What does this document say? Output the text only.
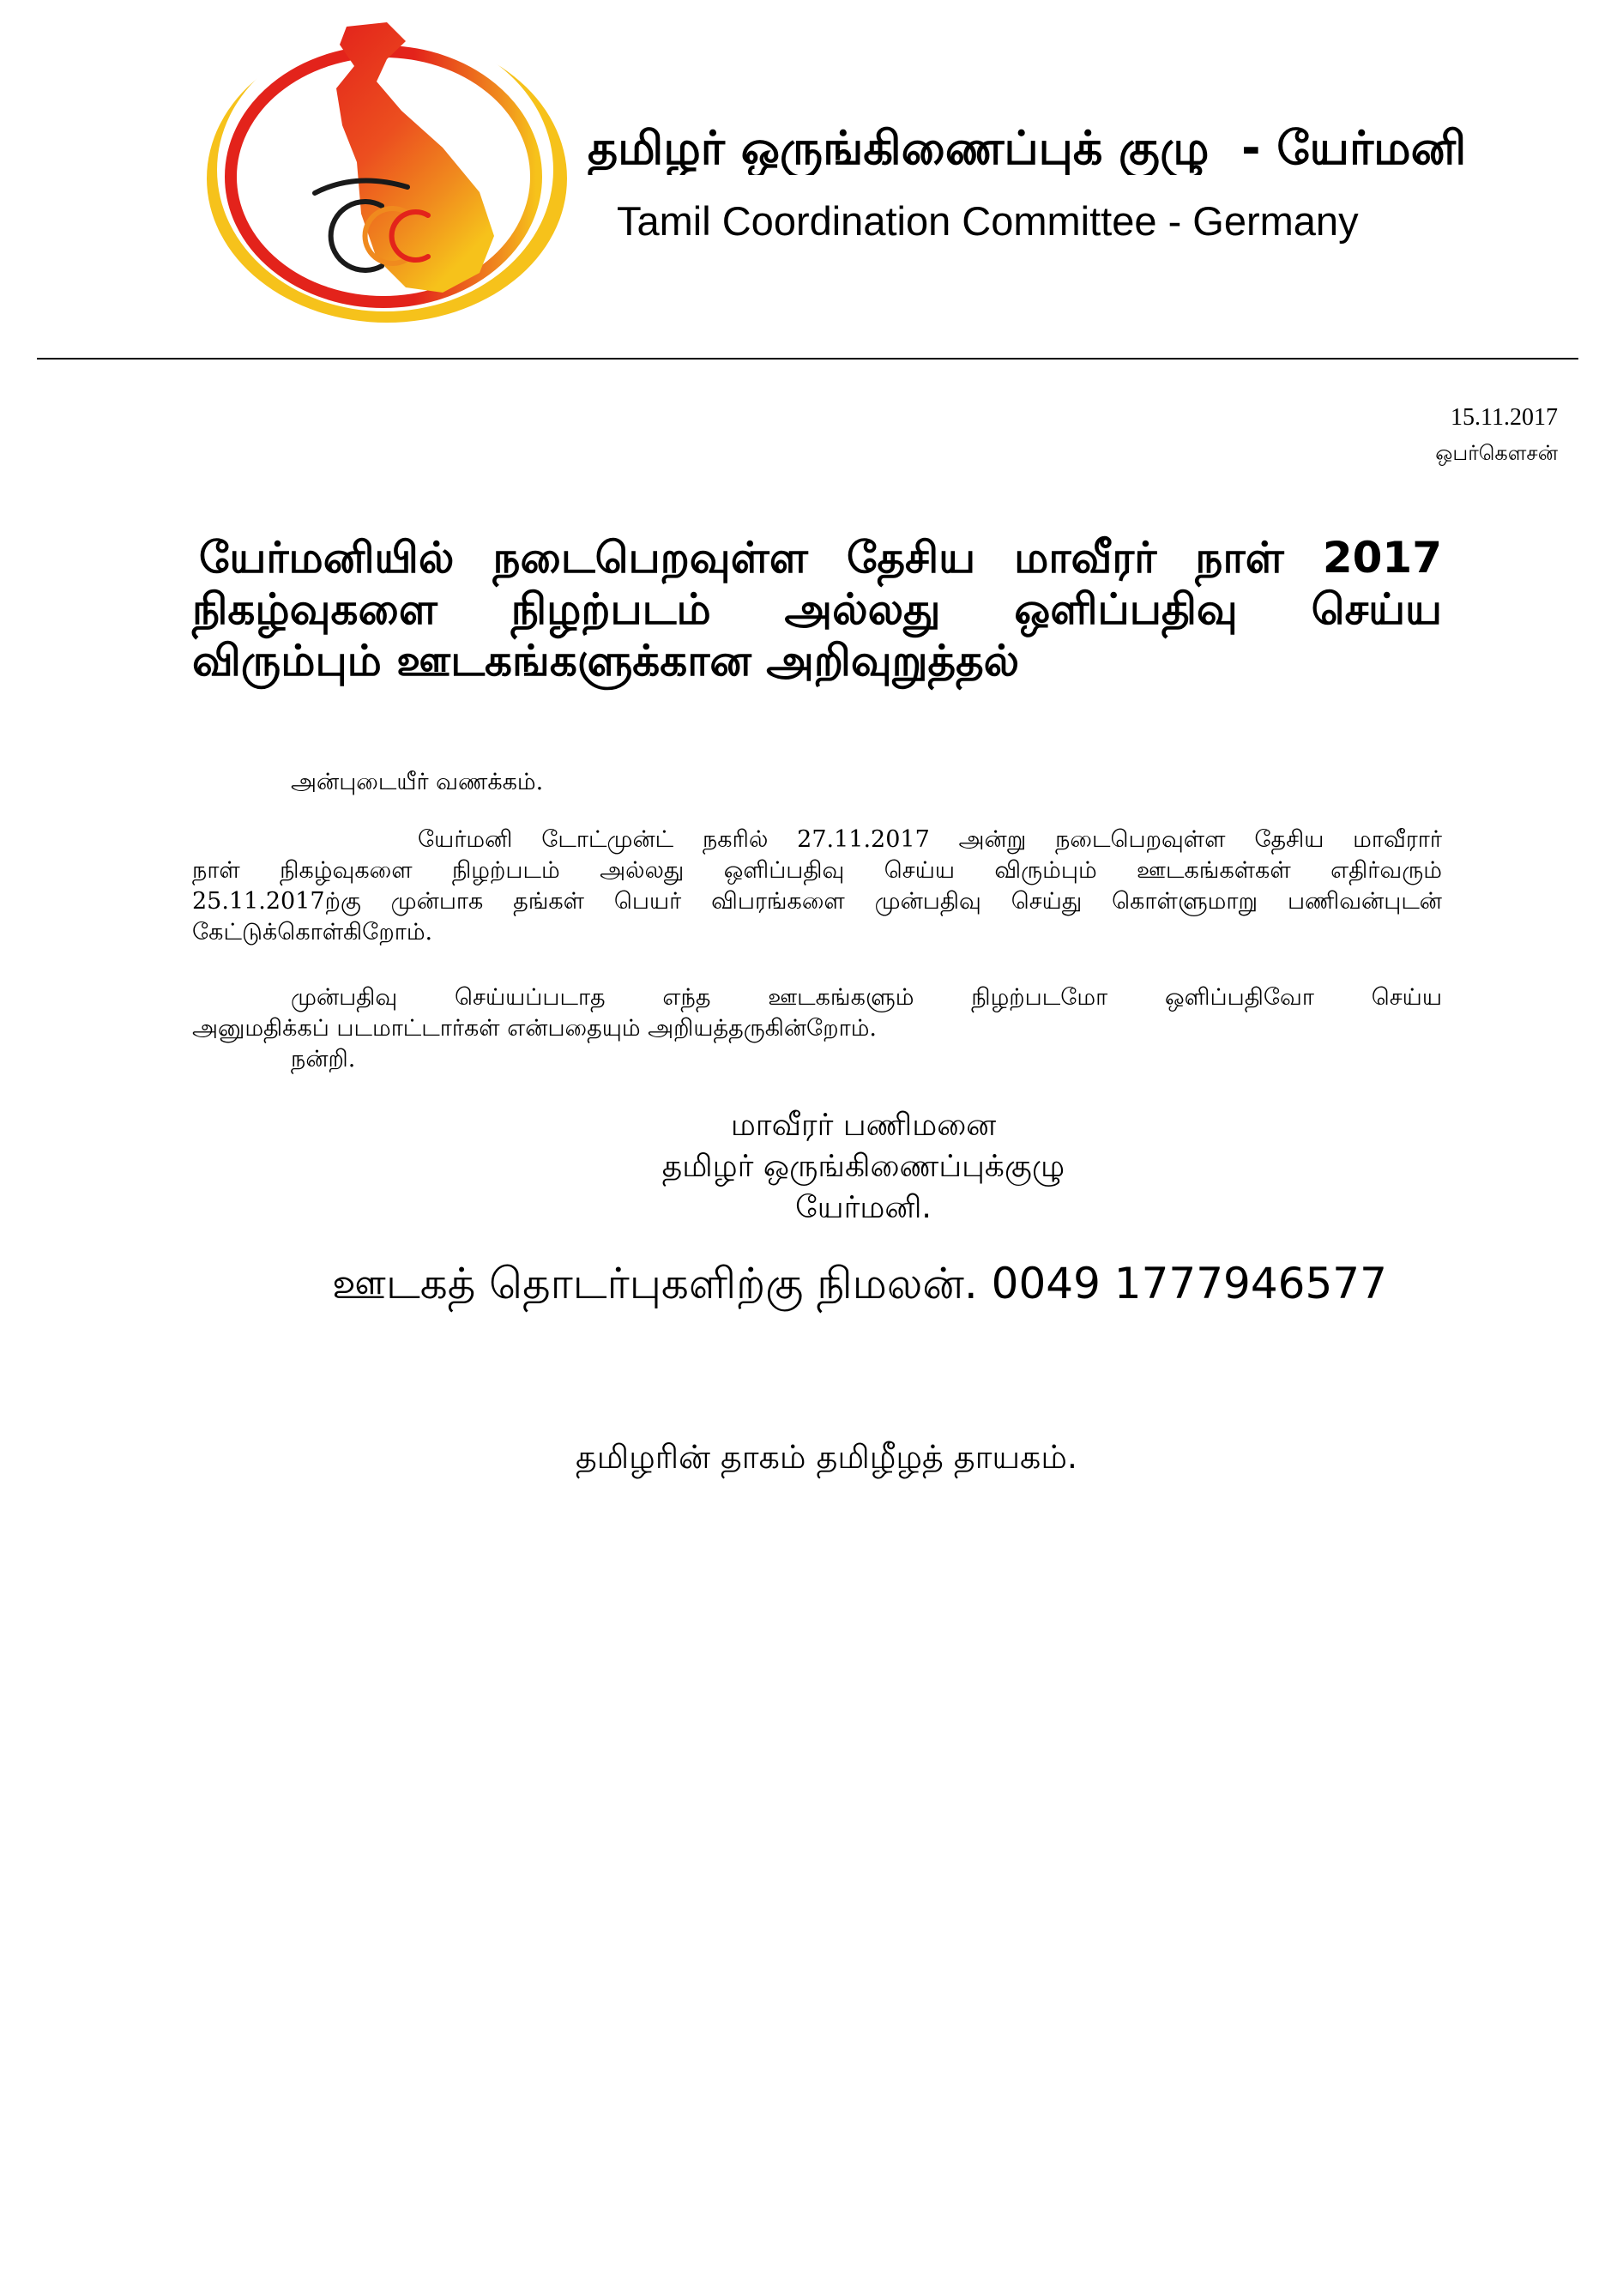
தமிழர் ஒருங்கிணைப்புக் குழு  - யேர்மனி
Tamil Coordination Committee - Germany
15.11.2017
ஒபர்கௌசன்
யேர்மனியில் நடைபெறவுள்ள தேசிய மாவீரர் நாள் 2017
நிகழ்வுகளை நிழற்படம் அல்லது ஒளிப்பதிவு செய்ய
விரும்பும் ஊடகங்களுக்கான அறிவுறுத்தல்
அன்புடையீர் வணக்கம்.
யேர்மனி டோட்முன்ட் நகரில் 27.11.2017 அன்று நடைபெறவுள்ள தேசிய மாவீரார்
நாள் நிகழ்வுகளை நிழற்படம் அல்லது ஒளிப்பதிவு செய்ய விரும்பும் ஊடகங்கள்கள் எதிர்வரும்
25.11.2017ற்கு முன்பாக தங்கள் பெயர் விபரங்களை முன்பதிவு செய்து கொள்ளுமாறு பணிவன்புடன்
கேட்டுக்கொள்கிறோம்.
முன்பதிவு செய்யப்படாத எந்த ஊடகங்களும் நிழற்படமோ ஒளிப்பதிவோ செய்ய
அனுமதிக்கப் படமாட்டார்கள் என்பதையும் அறியத்தருகின்றோம்.
நன்றி.
மாவீரர் பணிமனை
தமிழர் ஒருங்கிணைப்புக்குழு
யேர்மனி.
ஊடகத் தொடர்புகளிற்கு நிமலன். 0049 1777946577
தமிழரின் தாகம் தமிழீழத் தாயகம்.
